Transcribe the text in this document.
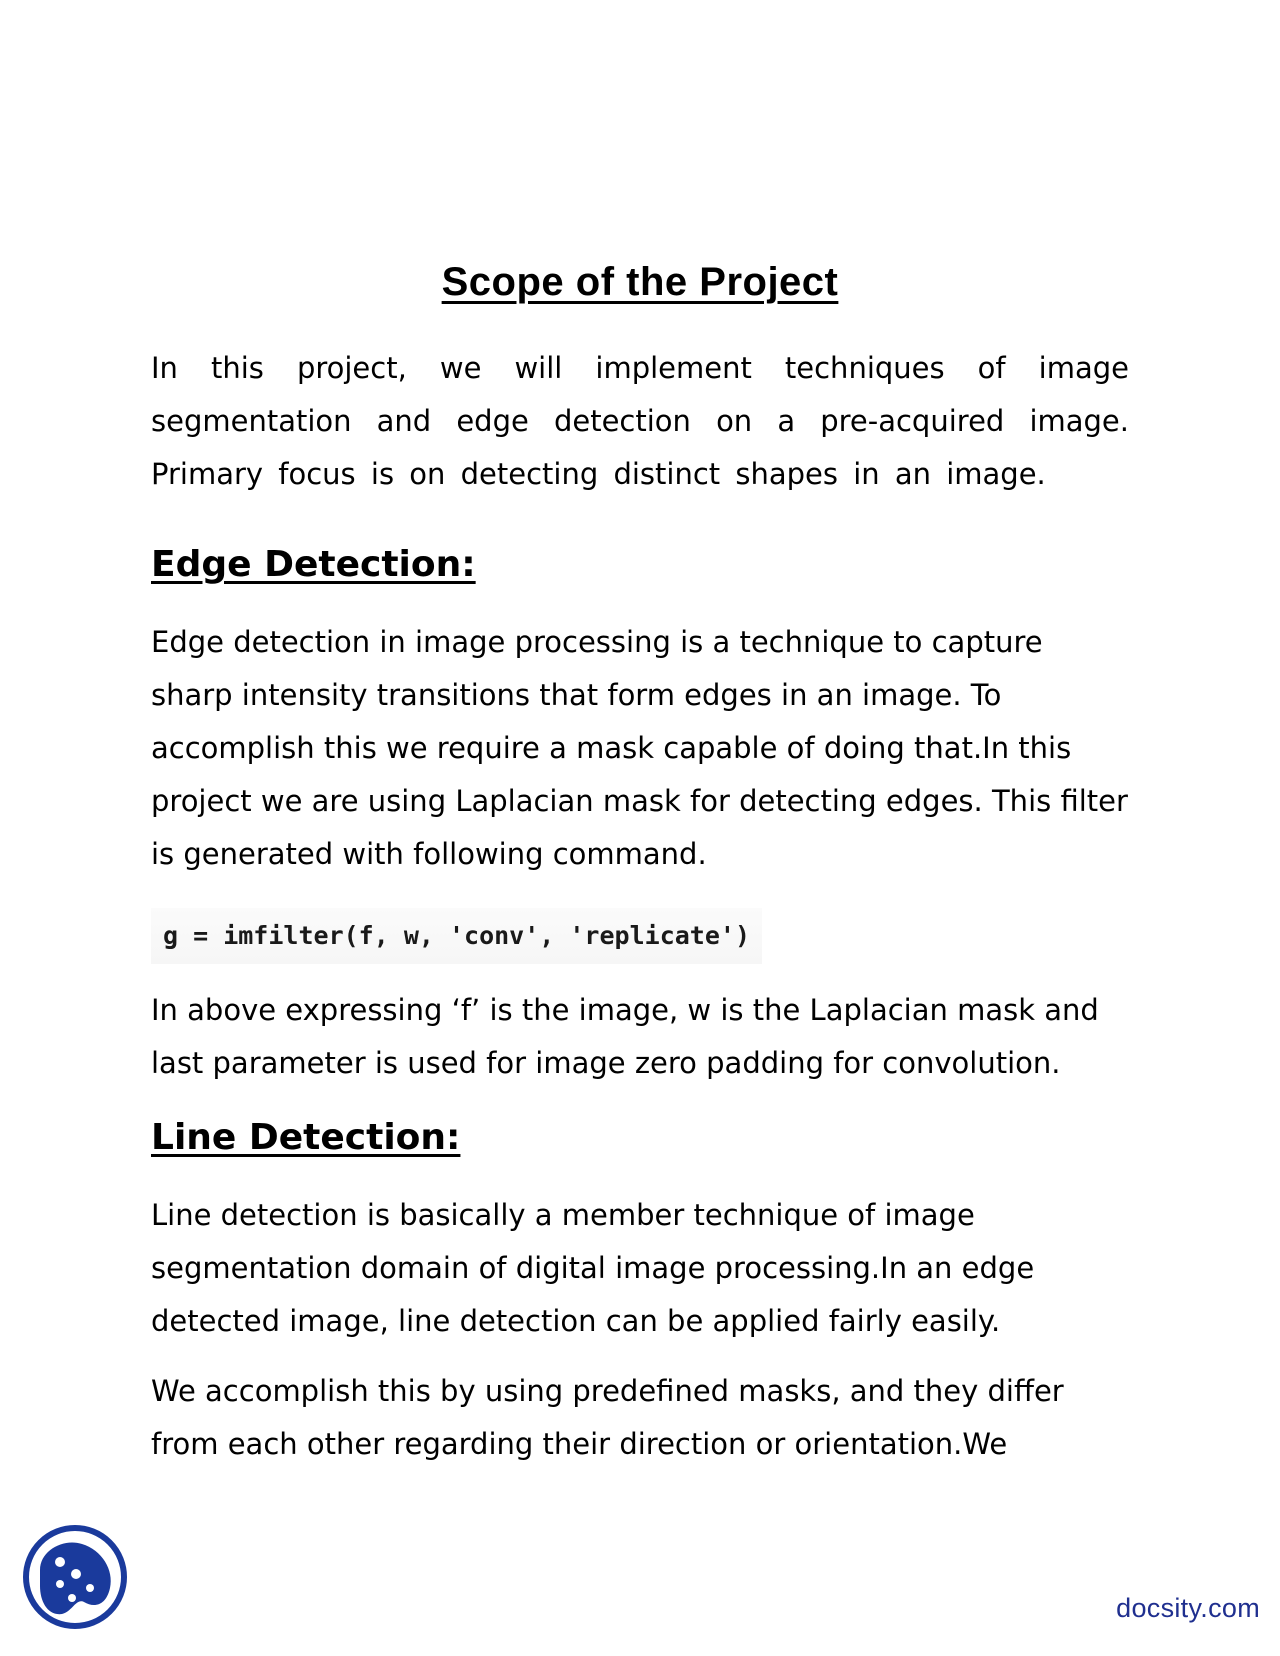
Scope of the Project

In this project, we will implement techniques of image segmentation and edge detection on a pre-acquired image. Primary focus is on detecting distinct shapes in an image.

Edge Detection:

Edge detection in image processing is a technique to capture sharp intensity transitions that form edges in an image. To accomplish this we require a mask capable of doing that.In this project we are using Laplacian mask for detecting edges. This filter is generated with following command.

g = imfilter(f, w, 'conv', 'replicate')

In above expressing ‘f’ is the image, w is the Laplacian mask and last parameter is used for image zero padding for convolution.

Line Detection:

Line detection is basically a member technique of image segmentation domain of digital image processing.In an edge detected image, line detection can be applied fairly easily.

We accomplish this by using predefined masks, and they differ from each other regarding their direction or orientation.We

docsity.com
